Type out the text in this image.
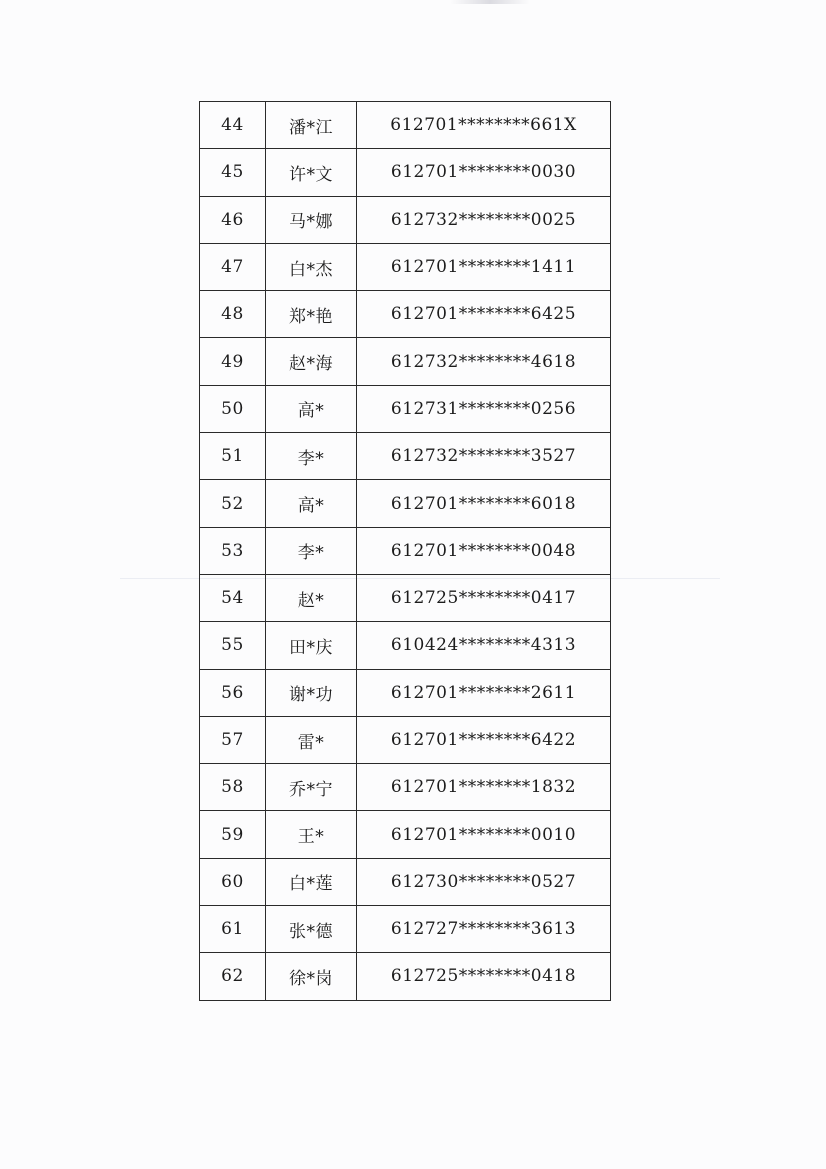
44	潘*江	612701********661X
45	许*文	612701********0030
46	马*娜	612732********0025
47	白*杰	612701********1411
48	郑*艳	612701********6425
49	赵*海	612732********4618
50	高*	612731********0256
51	李*	612732********3527
52	高*	612701********6018
53	李*	612701********0048
54	赵*	612725********0417
55	田*庆	610424********4313
56	谢*功	612701********2611
57	雷*	612701********6422
58	乔*宁	612701********1832
59	王*	612701********0010
60	白*莲	612730********0527
61	张*德	612727********3613
62	徐*岗	612725********0418
